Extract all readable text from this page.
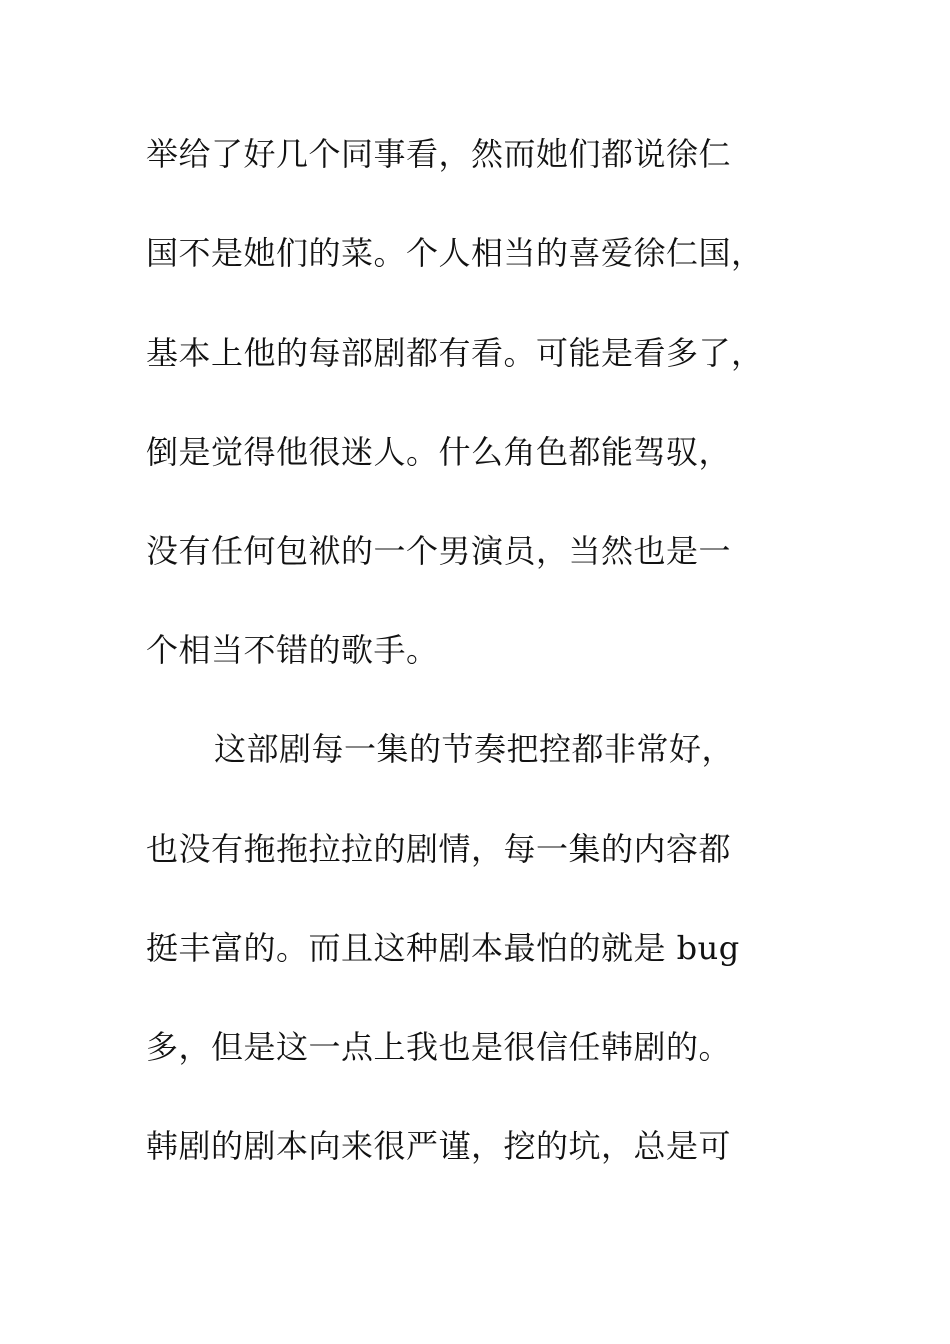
举给了好几个同事看，然而她们都说徐仁
国不是她们的菜。个人相当的喜爱徐仁国，
基本上他的每部剧都有看。可能是看多了，
倒是觉得他很迷人。什么角色都能驾驭，
没有任何包袱的一个男演员，当然也是一
个相当不错的歌手。
这部剧每一集的节奏把控都非常好，
也没有拖拖拉拉的剧情，每一集的内容都
挺丰富的。而且这种剧本最怕的就是 bug
多，但是这一点上我也是很信任韩剧的。
韩剧的剧本向来很严谨，挖的坑，总是可
